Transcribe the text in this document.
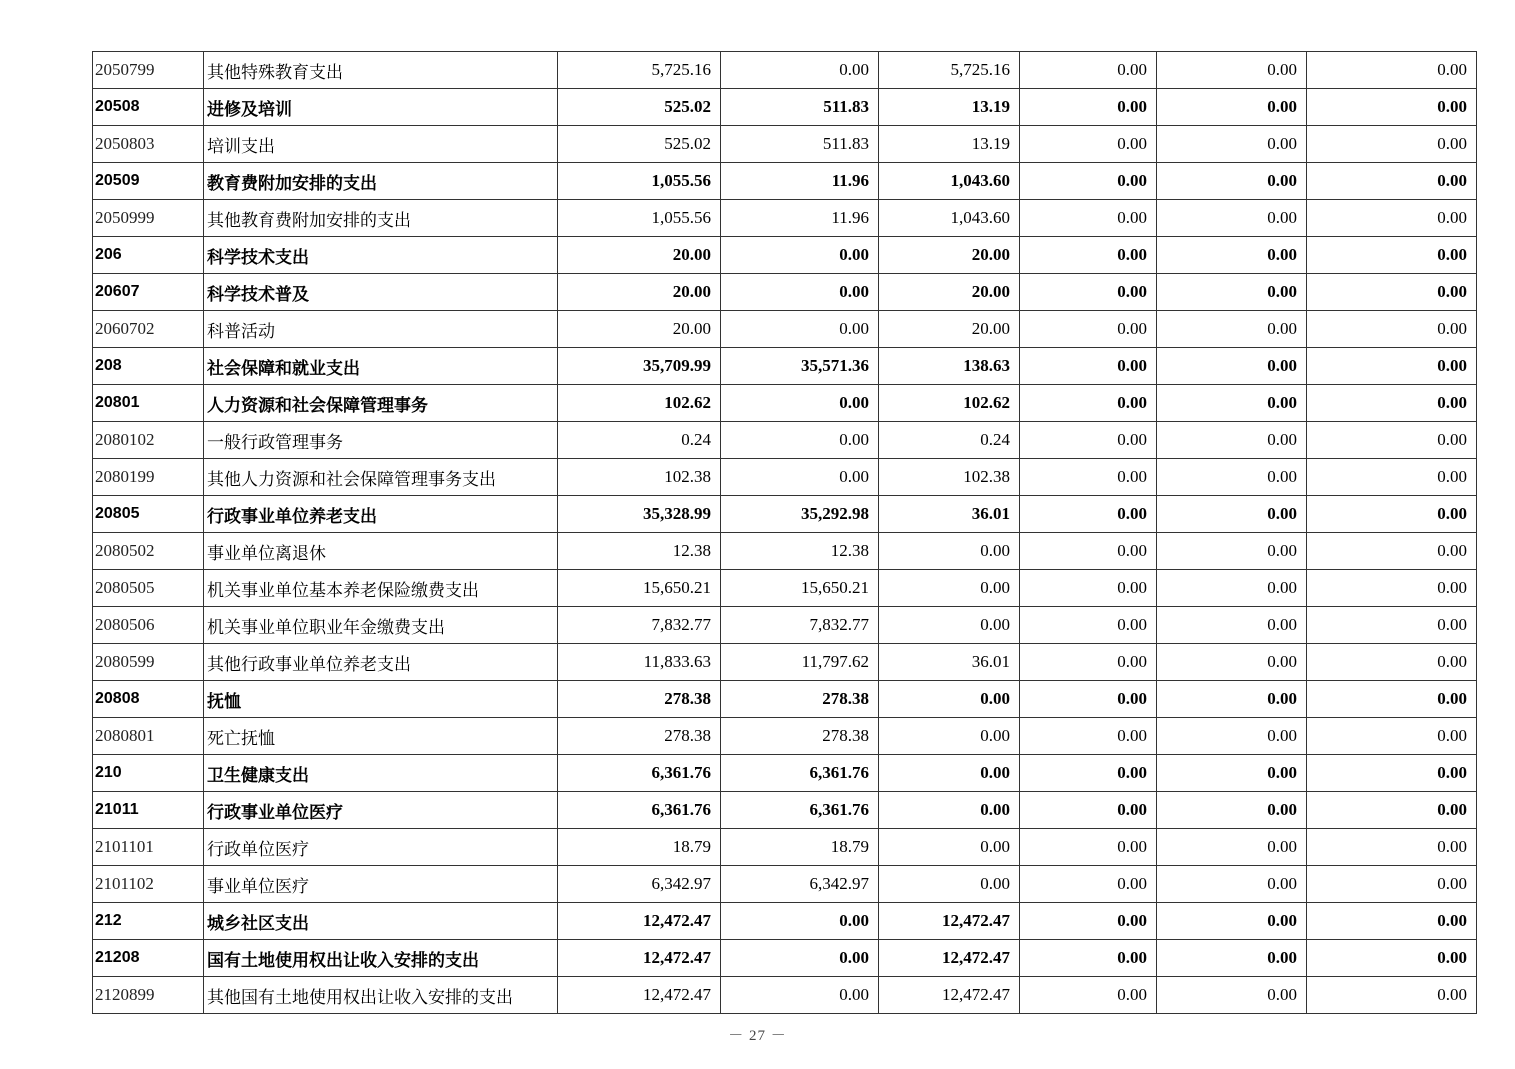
2050799	其他特殊教育支出	5,725.16	0.00	5,725.16	0.00	0.00	0.00
20508	进修及培训	525.02	511.83	13.19	0.00	0.00	0.00
2050803	培训支出	525.02	511.83	13.19	0.00	0.00	0.00
20509	教育费附加安排的支出	1,055.56	11.96	1,043.60	0.00	0.00	0.00
2050999	其他教育费附加安排的支出	1,055.56	11.96	1,043.60	0.00	0.00	0.00
206	科学技术支出	20.00	0.00	20.00	0.00	0.00	0.00
20607	科学技术普及	20.00	0.00	20.00	0.00	0.00	0.00
2060702	科普活动	20.00	0.00	20.00	0.00	0.00	0.00
208	社会保障和就业支出	35,709.99	35,571.36	138.63	0.00	0.00	0.00
20801	人力资源和社会保障管理事务	102.62	0.00	102.62	0.00	0.00	0.00
2080102	一般行政管理事务	0.24	0.00	0.24	0.00	0.00	0.00
2080199	其他人力资源和社会保障管理事务支出	102.38	0.00	102.38	0.00	0.00	0.00
20805	行政事业单位养老支出	35,328.99	35,292.98	36.01	0.00	0.00	0.00
2080502	事业单位离退休	12.38	12.38	0.00	0.00	0.00	0.00
2080505	机关事业单位基本养老保险缴费支出	15,650.21	15,650.21	0.00	0.00	0.00	0.00
2080506	机关事业单位职业年金缴费支出	7,832.77	7,832.77	0.00	0.00	0.00	0.00
2080599	其他行政事业单位养老支出	11,833.63	11,797.62	36.01	0.00	0.00	0.00
20808	抚恤	278.38	278.38	0.00	0.00	0.00	0.00
2080801	死亡抚恤	278.38	278.38	0.00	0.00	0.00	0.00
210	卫生健康支出	6,361.76	6,361.76	0.00	0.00	0.00	0.00
21011	行政事业单位医疗	6,361.76	6,361.76	0.00	0.00	0.00	0.00
2101101	行政单位医疗	18.79	18.79	0.00	0.00	0.00	0.00
2101102	事业单位医疗	6,342.97	6,342.97	0.00	0.00	0.00	0.00
212	城乡社区支出	12,472.47	0.00	12,472.47	0.00	0.00	0.00
21208	国有土地使用权出让收入安排的支出	12,472.47	0.00	12,472.47	0.00	0.00	0.00
2120899	其他国有土地使用权出让收入安排的支出	12,472.47	0.00	12,472.47	0.00	0.00	0.00
－ 27 －
